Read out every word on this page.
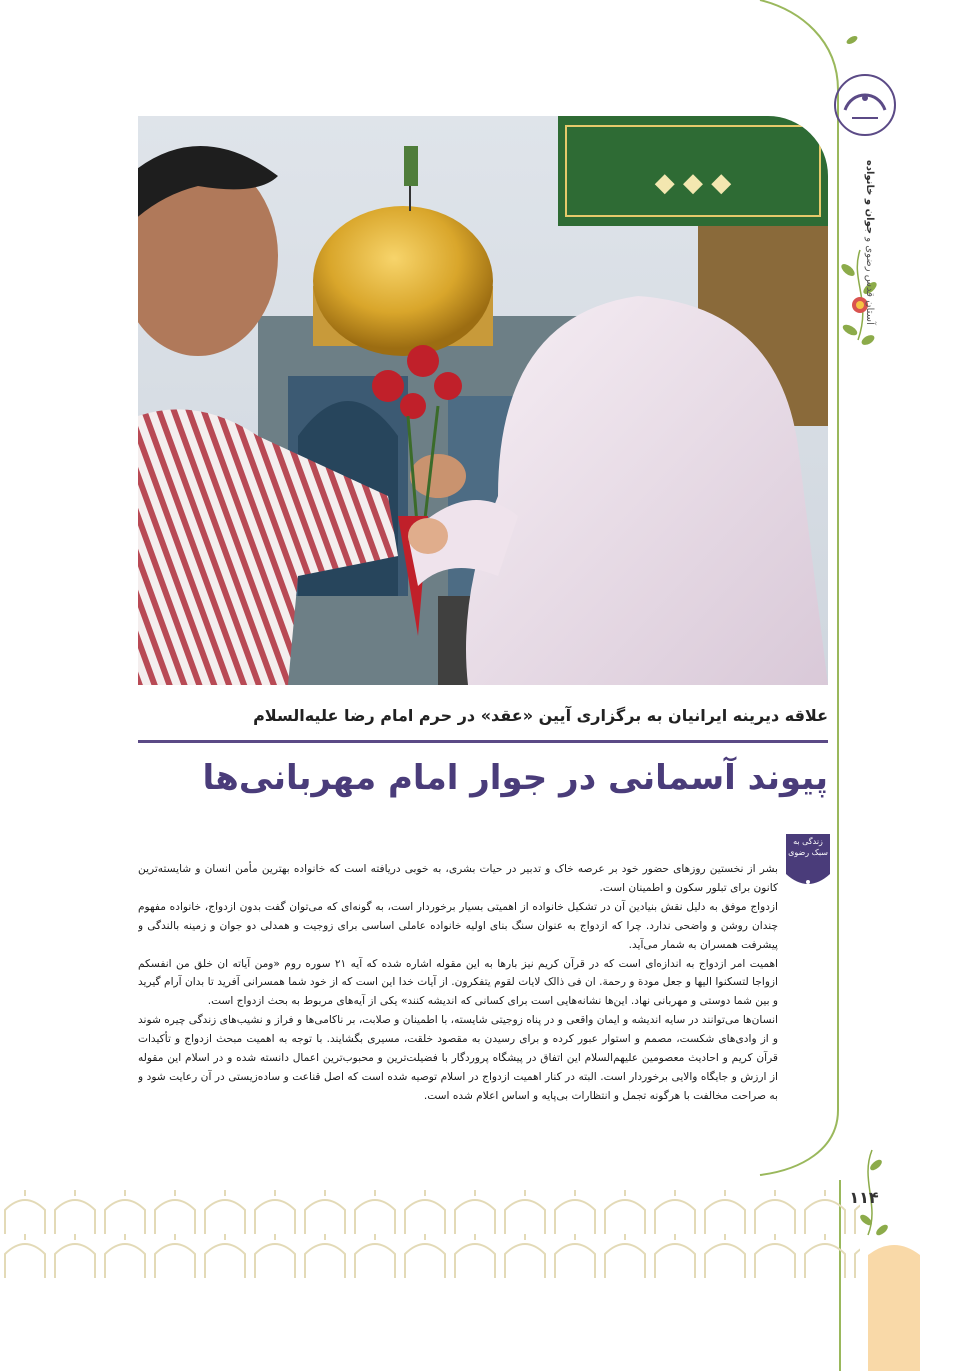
آستان قدس رضوی و جوان و خانواده
◆ ◆ ◆
علاقه دیرینه ایرانیان به برگزاری آیین «عقد» در حرم امام رضا علیه‌السلام
پیوند آسمانی در جوار امام مهربانی‌ها
زندگی به سبک رضوی

بشر از نخستین روزهای حضور خود بر عرصه خاک و تدبیر در حیات بشری، به خوبی دریافته است که خانواده بهترین مأمن انسان و شایسته‌ترین کانون برای تبلور سکون و اطمینان است.

ازدواج موفق به دلیل نقش بنیادین آن در تشکیل خانواده از اهمیتی بسیار برخوردار است، به گونه‌ای که می‌توان گفت بدون ازدواج، خانواده مفهوم چندان روشن و واضحی ندارد. چرا که ازدواج به عنوان سنگ بنای اولیه خانواده عاملی اساسی برای زوجیت و همدلی دو جوان و زمینه بالندگی و پیشرفت همسران به شمار می‌آید.

اهمیت امر ازدواج به اندازه‌ای است که در قرآن کریم نیز بارها به این مقوله اشاره شده که آیه ۲۱ سوره روم «ومن آیاته ان خلق من انفسکم ازواجا لتسکنوا الیها و جعل مودة و رحمة. ان فی ذالک لایات لقوم یتفکرون. از آیات خدا این است که از خود شما همسرانی آفرید تا بدان آرام گیرید و بین شما دوستی و مهربانی نهاد. این‌ها نشانه‌هایی است برای کسانی که اندیشه کنند» یکی از آیه‌های مربوط به بحث ازدواج است.

انسان‌ها می‌توانند در سایه اندیشه و ایمان واقعی و در پناه زوجیتی شایسته، با اطمینان و صلابت، بر ناکامی‌ها و فراز و نشیب‌های زندگی چیره شوند و از وادی‌های شکست، مصمم و استوار عبور کرده و برای رسیدن به مقصود خلقت، مسیری بگشایند. با توجه به اهمیت مبحث ازدواج و تأکیدات قرآن کریم و احادیث معصومین علیهم‌السلام این اتفاق در پیشگاه پروردگار با فضیلت‌ترین و محبوب‌ترین اعمال دانسته شده و در اسلام این مقوله از ارزش و جایگاه والایی برخوردار است. البته در کنار اهمیت ازدواج در اسلام توصیه شده است که اصل قناعت و ساده‌زیستی در آن رعایت شود و به صراحت مخالفت با هرگونه تجمل و انتظارات بی‌پایه و اساس اعلام شده است.

۱۱۴
